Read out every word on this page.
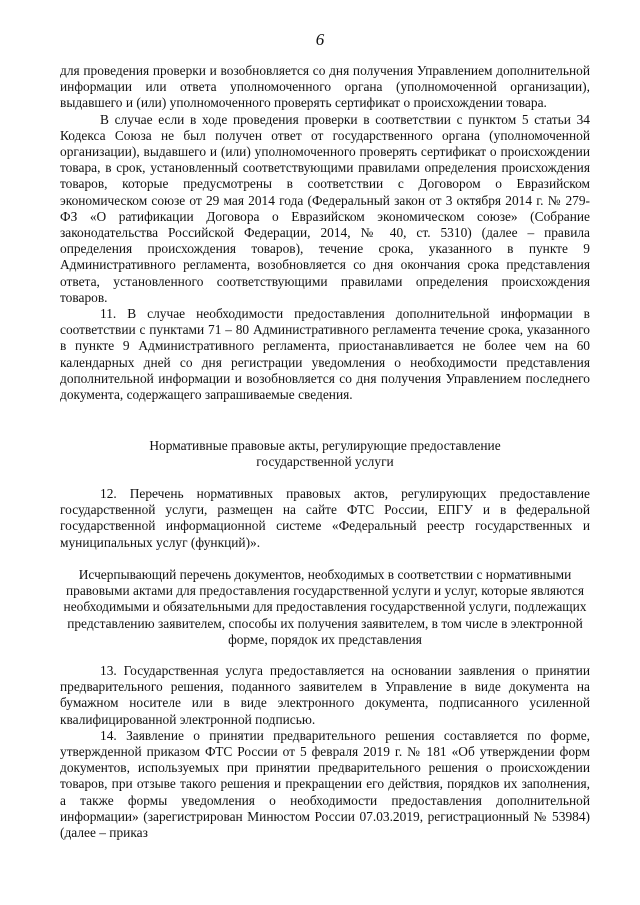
6

для проведения проверки и возобновляется со дня получения Управлением дополнительной информации или ответа уполномоченного органа (уполномоченной организации), выдавшего и (или) уполномоченного проверять сертификат о происхождении товара.

В случае если в ходе проведения проверки в соответствии с пунктом 5 статьи 34 Кодекса Союза не был получен ответ от государственного органа (уполномоченной организации), выдавшего и (или) уполномоченного проверять сертификат о происхождении товара, в срок, установленный соответствующими правилами определения происхождения товаров, которые предусмотрены в соответствии с Договором о Евразийском экономическом союзе от 29 мая 2014 года (Федеральный закон от 3 октября 2014 г. № 279-ФЗ «О ратификации Договора о Евразийском экономическом союзе» (Собрание законодательства Российской Федерации, 2014, № 40, ст. 5310) (далее – правила определения происхождения товаров), течение срока, указанного в пункте 9 Административного регламента, возобновляется со дня окончания срока представления ответа, установленного соответствующими правилами определения происхождения товаров.

11. В случае необходимости предоставления дополнительной информации в соответствии с пунктами 71 – 80 Административного регламента течение срока, указанного в пункте 9 Административного регламента, приостанавливается не более чем на 60 календарных дней со дня регистрации уведомления о необходимости представления дополнительной информации и возобновляется со дня получения Управлением последнего документа, содержащего запрашиваемые сведения.

Нормативные правовые акты, регулирующие предоставление государственной услуги

12. Перечень нормативных правовых актов, регулирующих предоставление государственной услуги, размещен на сайте ФТС России, ЕПГУ и в федеральной государственной информационной системе «Федеральный реестр государственных и муниципальных услуг (функций)».

Исчерпывающий перечень документов, необходимых в соответствии с нормативными правовыми актами для предоставления государственной услуги и услуг, которые являются необходимыми и обязательными для предоставления государственной услуги, подлежащих представлению заявителем, способы их получения заявителем, в том числе в электронной форме, порядок их представления

13. Государственная услуга предоставляется на основании заявления о принятии предварительного решения, поданного заявителем в Управление в виде документа на бумажном носителе или в виде электронного документа, подписанного усиленной квалифицированной электронной подписью.

14. Заявление о принятии предварительного решения составляется по форме, утвержденной приказом ФТС России от 5 февраля 2019 г. № 181 «Об утверждении форм документов, используемых при принятии предварительного решения о происхождении товаров, при отзыве такого решения и прекращении его действия, порядков их заполнения, а также формы уведомления о необходимости предоставления дополнительной информации» (зарегистрирован Минюстом России 07.03.2019, регистрационный № 53984) (далее – приказ
